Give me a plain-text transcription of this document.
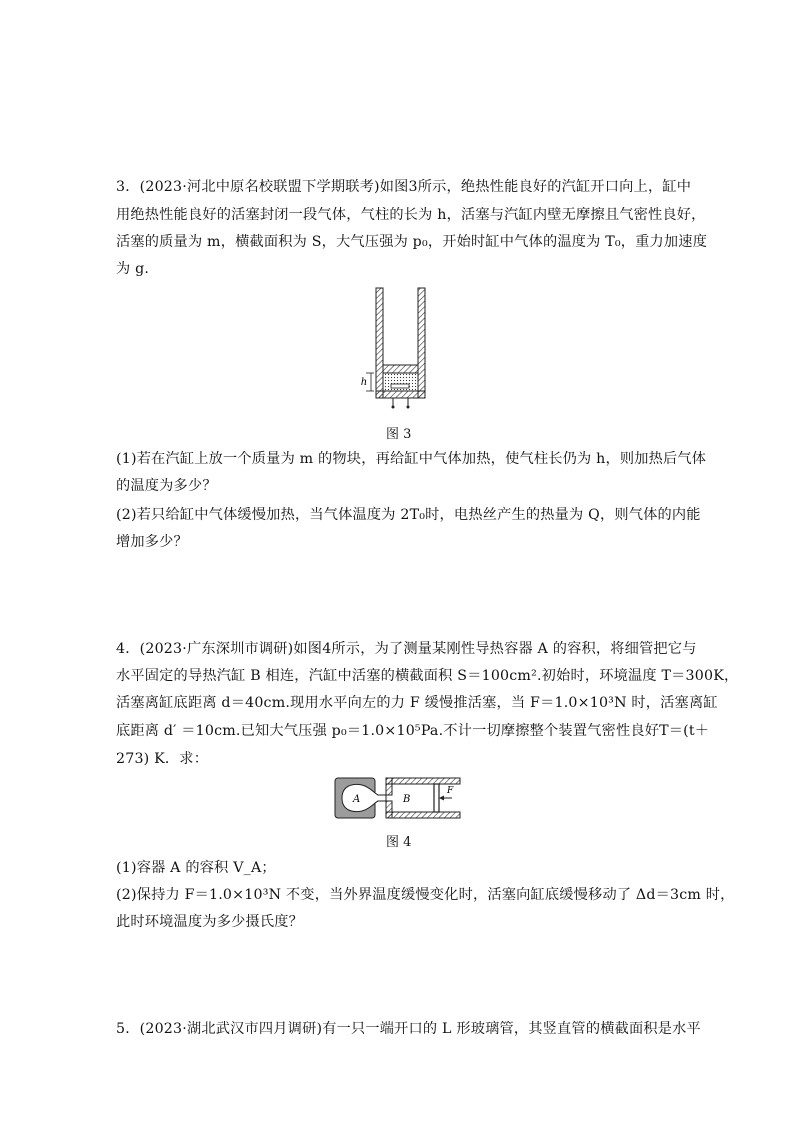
3．(2023·河北中原名校联盟下学期联考)如图3所示，绝热性能良好的汽缸开口向上，缸中
用绝热性能良好的活塞封闭一段气体，气柱的长为 h，活塞与汽缸内壁无摩擦且气密性良好，
活塞的质量为 m，横截面积为 S，大气压强为 p₀，开始时缸中气体的温度为 T₀，重力加速度
为 g.
h
图 3
(1)若在汽缸上放一个质量为 m 的物块，再给缸中气体加热，使气柱长仍为 h，则加热后气体
的温度为多少？
(2)若只给缸中气体缓慢加热，当气体温度为 2T₀时，电热丝产生的热量为 Q，则气体的内能
增加多少？
4．(2023·广东深圳市调研)如图4所示，为了测量某刚性导热容器 A 的容积，将细管把它与
水平固定的导热汽缸 B 相连，汽缸中活塞的横截面积 S＝100cm².初始时，环境温度 T＝300K，
活塞离缸底距离 d＝40cm.现用水平向左的力 F 缓慢推活塞，当 F＝1.0×10³N 时，活塞离缸
底距离 d′ ＝10cm.已知大气压强 p₀＝1.0×10⁵Pa.不计一切摩擦整个装置气密性良好T＝(t＋
273) K．求：
A	B
F
图 4
(1)容器 A 的容积 V_A；
(2)保持力 F＝1.0×10³N 不变，当外界温度缓慢变化时，活塞向缸底缓慢移动了 Δd＝3cm 时，
此时环境温度为多少摄氏度？
5．(2023·湖北武汉市四月调研)有一只一端开口的 L 形玻璃管，其竖直管的横截面积是水平
